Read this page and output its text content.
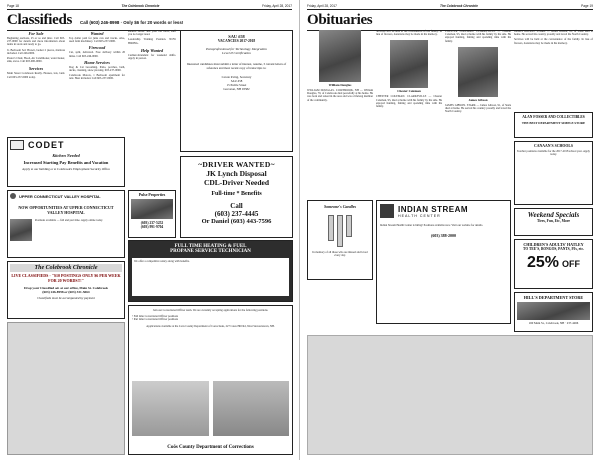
Page 18	The Colebrook Chronicle	Friday, April 28, 2017
Classifieds Call (603) 246-8998 · Only $6 for 20 words or less!
For Sale
Beginning auctions, 25 or so and misc. Call 603-237-0000 for details and more information about items in stock and ready to go.
Jr. Bedroom Set: Brown, bedset 2 pieces, mattress included. Call 246-0000.
Pastor's Chair, Hood, Air Conditioner, water heater, sink, stove. Call 603-000-0000.
Services
Main Street Colebrook Realty. Houses, lots, land. Call 603-237-0000 today.
Wanted
Top dollar paid for junk cars and trucks. Also, used farm machinery. Call 603-237-0000.
Firewood
Cut, split, delivered. Free delivery within 20 miles. Call 603-246-0000.
Home Services
Dog & Cat Grooming. Patio, porches, bath, decks, cleaning, snow plowing. 603-237-0000.
Colebrook Motors, 1 Bedroom apartment for rent. Heat included. Call 603-237-0000.
Reduce stress. Sell your old tools, stuff you no longer need.
Leadership Training Position. NOW HIRING.
Help Wanted
Cashier/Attendant for weekend shifts. Apply in person.
SAU #58
VACANCIES 2017-2018
Paraprofessional for Technology Integration
Level II Certification
Interested candidates must submit a letter of interest, resume, 3 current letters of reference and most recent copy of transcripts to:
Carole Irving, Secretary
SAU #58
15 Preble Street
Groveton, NH 03582
CODET
Kitchen Needed
Increased Starting Pay Benefits and Vacation
Apply at our building or at Colebrook's Employment Security Office	~DRIVER WANTED~
JK Lynch Disposal
CDL-Driver Needed
Full-time * Benefits
Call
(603) 237-4445
Or Daniel (603) 443-7596
UPPER CONNECTICUT VALLEY HOSPITAL
NOW OPPORTUNITIES AT UPPER CONNECTICUT VALLEY HOSPITAL
Positions available — full and part time. Apply online today.
FULL TIME HEATING & FUEL
PROPANE SERVICE TECHNICIAN
We offer a competitive salary along with benefits.
Pulse Properties
(603) 237-5252
(603) 991-9704
The Colebrook Chronicle
LIVE CLASSIFIEDS · "$10 POSTINGS ONLY $6 PER WEEK FOR 20 WORDS!!!"
Drop your Classified ad. at our office, Main St. Colebrook
(603) 246-8998 or (603) 331-5064
Classifieds must be accompanied by payment
Join our Correctional Officer team. We are currently accepting applications for the following positions.
• Full time Correctional Officer positions
• Part time Correctional Officer positions
Applications available at the Coös County Department of Corrections, 227 Cates Hill Rd, West Stewartstown, NH.
Coös County Department of Corrections
Friday, April 28, 2017	The Colebrook Chronicle	Page 19
Obituaries
William Douglas
WILLIAM DOUGLAS. COLEBROOK, NH — William Douglas, 79, of Colebrook died peacefully at his home. He was born and raised in the area and was a lifelong member of the community.
Services will be held at the convenience of the family. In lieu of flowers, donations may be made in his memory.
Chester Coleman
CHESTER COLEMAN. CLARKSVILLE — Chester Coleman, 93, died at home with his family by his side. He enjoyed hunting, fishing and spending time with his family.
CHESTER COLEMAN. CLARKSVILLE — Chester Coleman, 93, died at home with his family by his side. He enjoyed hunting, fishing and spending time with his family.
James Gibson
JAMES GIBSON. STARK — James Gibson, 91, of Stark died at home. He served his country proudly and loved the North Country.
JAMES GIBSON. STARK — James Gibson, 91, of Stark died at home. He served his country proudly and loved the North Country.
Services will be held at the convenience of the family. In lieu of flowers, donations may be made in his memory.
ALAN FOSSER AND COLLECTIBLES
THE BEST DEPARTMENT SIMPLE STORE
CANAAN'S SCHOOLS
Teacher positions available for the 2017-2018 school year. Apply today.
Someone's Candles
In memory of all those who are missed and loved every day.
INDIAN STREAM
HEALTH CENTER
Indian Stream Health Center is hiring! Positions available now. Visit our website for details.
(603) 388-2000
Weekend Specials
Tires, Fun, Etc, More
CHILDREN'S ADULTS' HATLEY
TO TEE'S, BONGOS, PANTS, PJs, etc.
25% OFF
HILL'S DEPARTMENT STORE
160 Main St., Colebrook, NH · 237-4266
